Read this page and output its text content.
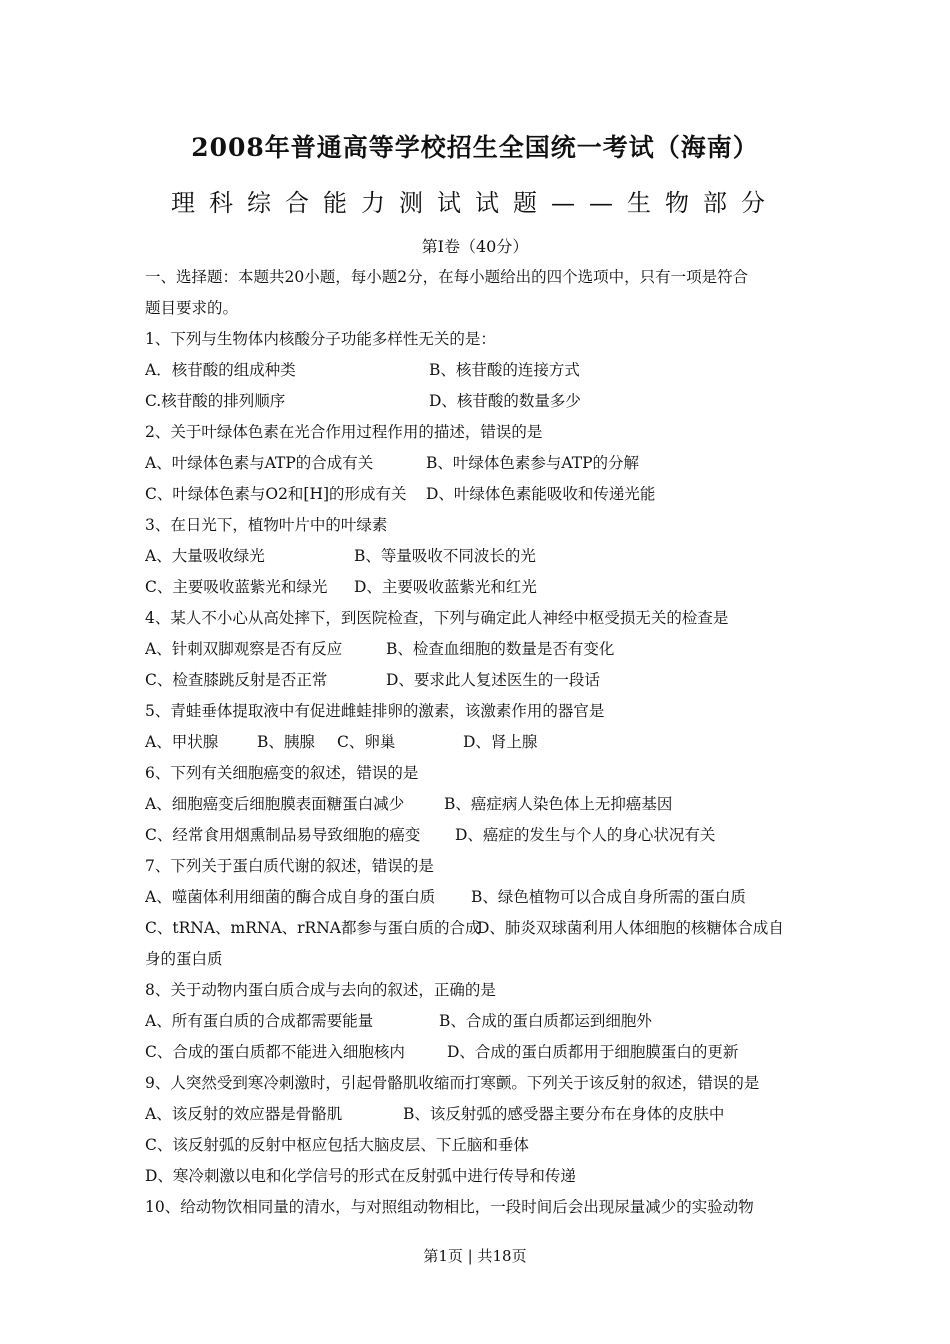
2008年普通高等学校招生全国统一考试（海南）
理科综合能力测试试题——生物部分
第Ⅰ卷（40分）
一、选择题：本题共20小题，每小题2分，在每小题给出的四个选项中，只有一项是符合
题目要求的。
1、下列与生物体内核酸分子功能多样性无关的是：
A．核苷酸的组成种类	B、核苷酸的连接方式
C.核苷酸的排列顺序	D、核苷酸的数量多少
2、关于叶绿体色素在光合作用过程作用的描述，错误的是
A、叶绿体色素与ATP的合成有关	B、叶绿体色素参与ATP的分解
C、叶绿体色素与O2和[H]的形成有关 D、叶绿体色素能吸收和传递光能
3、在日光下，植物叶片中的叶绿素
A、大量吸收绿光	B、等量吸收不同波长的光
C、主要吸收蓝紫光和绿光 D、主要吸收蓝紫光和红光
4、某人不小心从高处摔下，到医院检查，下列与确定此人神经中枢受损无关的检查是
A、针刺双脚观察是否有反应	B、检查血细胞的数量是否有变化
C、检查膝跳反射是否正常	D、要求此人复述医生的一段话
5、青蛙垂体提取液中有促进雌蛙排卵的激素，该激素作用的器官是
A、甲状腺	B、胰腺 C、卵巢	D、肾上腺
6、下列有关细胞癌变的叙述，错误的是
A、细胞癌变后细胞膜表面糖蛋白减少	B、癌症病人染色体上无抑癌基因
C、经常食用烟熏制品易导致细胞的癌变 D、癌症的发生与个人的身心状况有关
7、下列关于蛋白质代谢的叙述，错误的是
A、噬菌体利用细菌的酶合成自身的蛋白质 B、绿色植物可以合成自身所需的蛋白质
C、tRNA、mRNA、rRNA都参与蛋白质的合成D、肺炎双球菌利用人体细胞的核糖体合成自
身的蛋白质
8、关于动物内蛋白质合成与去向的叙述，正确的是
A、所有蛋白质的合成都需要能量	B、合成的蛋白质都运到细胞外
C、合成的蛋白质都不能进入细胞核内	D、合成的蛋白质都用于细胞膜蛋白的更新
9、人突然受到寒冷刺激时，引起骨骼肌收缩而打寒颤。下列关于该反射的叙述，错误的是
A、该反射的效应器是骨骼肌	B、该反射弧的感受器主要分布在身体的皮肤中
C、该反射弧的反射中枢应包括大脑皮层、下丘脑和垂体
D、寒冷刺激以电和化学信号的形式在反射弧中进行传导和传递
10、给动物饮相同量的清水，与对照组动物相比，一段时间后会出现尿量减少的实验动物
第1页 | 共18页
